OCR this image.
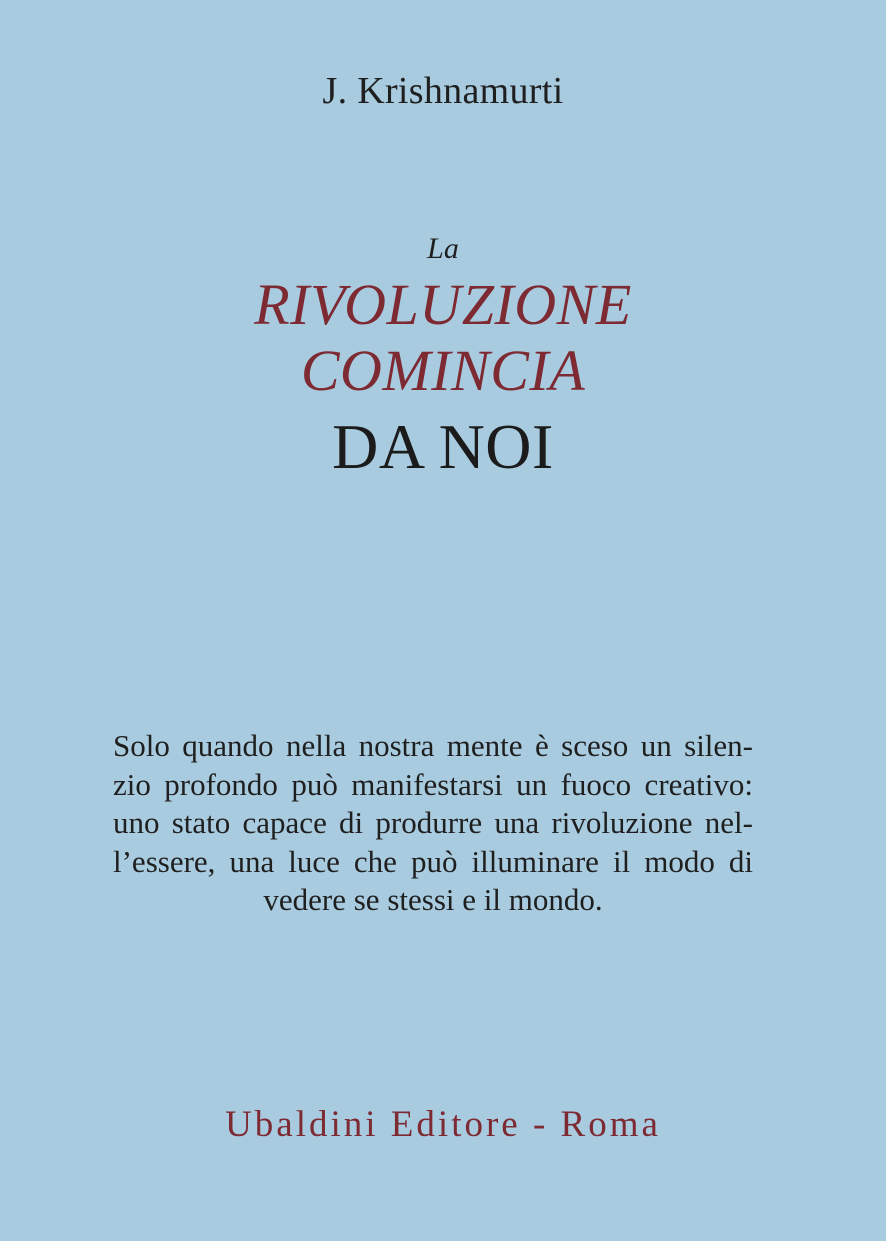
J. Krishnamurti
La
RIVOLUZIONE
COMINCIA
DA NOI
Solo quando nella nostra mente è sceso un silen-
zio profondo può manifestarsi un fuoco creativo:
uno stato capace di produrre una rivoluzione nel-
l’essere, una luce che può illuminare il modo di
vedere se stessi e il mondo.
Ubaldini Editore - Roma
